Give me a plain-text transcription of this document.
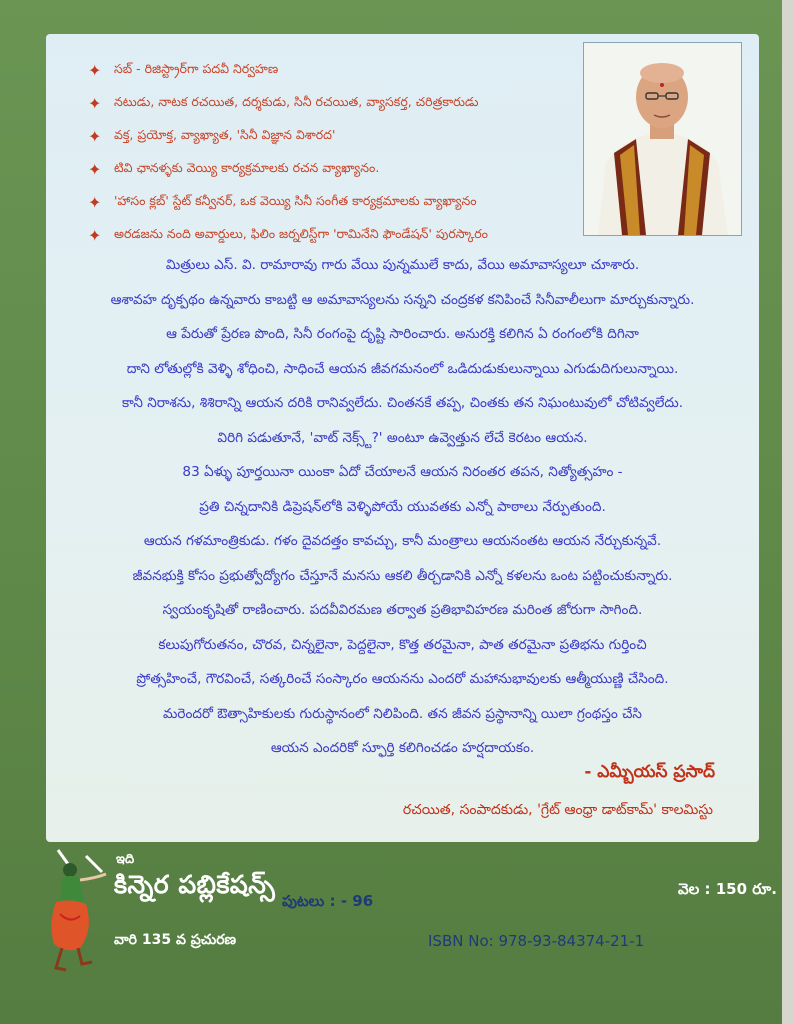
✦	సబ్ - రిజిస్ట్రార్‌గా పదవీ నిర్వహణ
✦	నటుడు, నాటక రచయిత, దర్శకుడు, సినీ రచయిత, వ్యాసకర్త, చరిత్రకారుడు
✦	వక్త, ప్రయోక్త, వ్యాఖ్యాత, 'సినీ విజ్ఞాన విశారద'
✦	టివి ఛానళ్ళకు వెయ్యి కార్యక్రమాలకు రచన వ్యాఖ్యానం.
✦	'హాసం క్లబ్' స్టేట్ కన్వీనర్, ఒక వెయ్యి సినీ సంగీత కార్యక్రమాలకు వ్యాఖ్యానం
✦	అరడజను నంది అవార్డులు, ఫిలిం జర్నలిస్ట్‌గా 'రామినేని ఫౌండేషన్' పురస్కారం
మిత్రులు ఎస్. వి. రామారావు గారు వేయి పున్నములే కాదు, వేయి అమావాస్యలూ చూశారు.
ఆశావహ దృక్పథం ఉన్నవారు కాబట్టి ఆ అమావాస్యలను సన్నని చంద్రకళ కనిపించే సినీవాలీలుగా మార్చుకున్నారు.
ఆ పేరుతో ప్రేరణ పొంది, సినీ రంగంపై దృష్టి సారించారు. అనురక్తి కలిగిన ఏ రంగంలోకి దిగినా
దాని లోతుల్లోకి వెళ్ళి శోధించి, సాధించే ఆయన జీవగమనంలో ఒడిదుడుకులున్నాయి ఎగుడుదిగులున్నాయి.
కానీ నిరాశను, శిశిరాన్ని ఆయన దరికి రానివ్వలేదు. చింతనకే తప్ప, చింతకు తన నిఘంటువులో చోటివ్వలేదు.
విరిగి పడుతూనే, 'వాట్ నెక్స్ట్?' అంటూ ఉవ్వెత్తున లేచే కెరటం ఆయన.
83 ఏళ్ళు పూర్తయినా యింకా ఏదో చేయాలనే ఆయన నిరంతర తపన, నిత్యోత్సహం -
ప్రతి చిన్నదానికి డిప్రెషన్‌లోకి వెళ్ళిపోయే యువతకు ఎన్నో పాఠాలు నేర్పుతుంది.
ఆయన గళమాంత్రికుడు. గళం దైవదత్తం కావచ్చు, కానీ మంత్రాలు ఆయనంతట ఆయన నేర్చుకున్నవే.
జీవనభుక్తి కోసం ప్రభుత్వోద్యోగం చేస్తూనే మనసు ఆకలి తీర్చడానికి ఎన్నో కళలను ఒంట పట్టించుకున్నారు.
స్వయంకృషితో రాణించారు. పదవీవిరమణ తర్వాత ప్రతిభావిహరణ మరింత జోరుగా సాగింది.
కలుపుగోరుతనం, చొరవ, చిన్నలైనా, పెద్దలైనా, కొత్త తరమైనా, పాత తరమైనా ప్రతిభను గుర్తించి
ప్రోత్సహించే, గౌరవించే, సత్కరించే సంస్కారం ఆయనను ఎందరో మహానుభావులకు ఆత్మీయుణ్ణి చేసింది.
మరెందరో ఔత్సాహికులకు గురుస్థానంలో నిలిపింది. తన జీవన ప్రస్థానాన్ని యిలా గ్రంథస్తం చేసి
ఆయన ఎందరికో స్ఫూర్తి కలిగించడం హర్షదాయకం.
- ఎమ్బీయస్ ప్రసాద్
రచయిత, సంపాదకుడు, 'గ్రేట్ ఆంధ్రా డాట్‌కామ్' కాలమిస్టు
ఇది
కిన్నెర పబ్లికేషన్స్
వారి 135 వ ప్రచురణ
పుటలు : - 96
వెల : 150 రూ.
ISBN No: 978-93-84374-21-1
